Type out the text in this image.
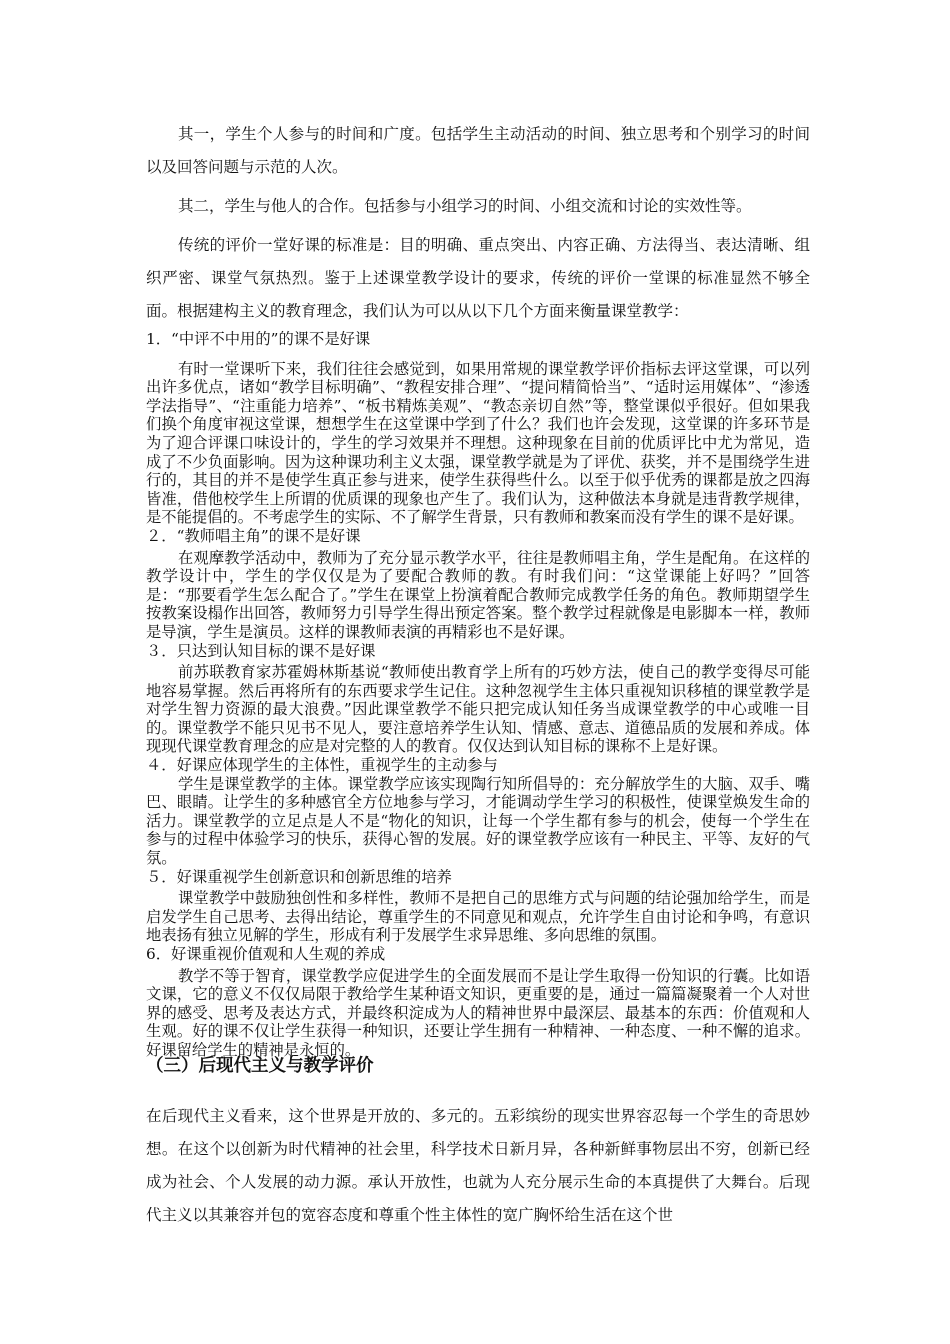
其一，学生个人参与的时间和广度。包括学生主动活动的时间、独立思考和个别学习的时间以及回答问题与示范的人次。

其二，学生与他人的合作。包括参与小组学习的时间、小组交流和讨论的实效性等。

传统的评价一堂好课的标准是：目的明确、重点突出、内容正确、方法得当、表达清晰、组织严密、课堂气氛热烈。鉴于上述课堂教学设计的要求，传统的评价一堂课的标准显然不够全面。根据建构主义的教育理念，我们认为可以从以下几个方面来衡量课堂教学：

1．“中评不中用的”的课不是好课

有时一堂课听下来，我们往往会感觉到，如果用常规的课堂教学评价指标去评这堂课，可以列出许多优点，诸如“教学目标明确”、“教程安排合理”、“提问精简恰当”、“适时运用媒体”、“渗透学法指导”、“注重能力培养”、“板书精炼美观”、“教态亲切自然”等，整堂课似乎很好。但如果我们换个角度审视这堂课，想想学生在这堂课中学到了什么？我们也许会发现，这堂课的许多环节是为了迎合评课口味设计的，学生的学习效果并不理想。这种现象在目前的优质评比中尤为常见，造成了不少负面影响。因为这种课功利主义太强，课堂教学就是为了评优、获奖，并不是围绕学生进行的，其目的并不是使学生真正参与进来，使学生获得些什么。以至于似乎优秀的课都是放之四海皆准，借他校学生上所谓的优质课的现象也产生了。我们认为，这种做法本身就是违背教学规律，是不能提倡的。不考虑学生的实际、不了解学生背景，只有教师和教案而没有学生的课不是好课。

２．“教师唱主角”的课不是好课

在观摩教学活动中，教师为了充分显示教学水平，往往是教师唱主角，学生是配角。在这样的教学设计中，学生的学仅仅是为了要配合教师的教。有时我们问：“这堂课能上好吗？”回答是：“那要看学生怎么配合了。”学生在课堂上扮演着配合教师完成教学任务的角色。教师期望学生按教案设榻作出回答，教师努力引导学生得出预定答案。整个教学过程就像是电影脚本一样，教师是导演，学生是演员。这样的课教师表演的再精彩也不是好课。

３．只达到认知目标的课不是好课

前苏联教育家苏霍姆林斯基说“教师使出教育学上所有的巧妙方法，使自己的教学变得尽可能地容易掌握。然后再将所有的东西要求学生记住。这种忽视学生主体只重视知识移植的课堂教学是对学生智力资源的最大浪费。”因此课堂教学不能只把完成认知任务当成课堂教学的中心或唯一目的。课堂教学不能只见书不见人，要注意培养学生认知、情感、意志、道德品质的发展和养成。体现现代课堂教育理念的应是对完整的人的教育。仅仅达到认知目标的课称不上是好课。

４．好课应体现学生的主体性，重视学生的主动参与

学生是课堂教学的主体。课堂教学应该实现陶行知所倡导的：充分解放学生的大脑、双手、嘴巴、眼睛。让学生的多种感官全方位地参与学习，才能调动学生学习的积极性，使课堂焕发生命的活力。课堂教学的立足点是人不是“物化的知识，让每一个学生都有参与的机会，使每一个学生在参与的过程中体验学习的快乐，获得心智的发展。好的课堂教学应该有一种民主、平等、友好的气氛。

５．好课重视学生创新意识和创新思维的培养

课堂教学中鼓励独创性和多样性，教师不是把自己的思维方式与问题的结论强加给学生，而是启发学生自己思考、去得出结论，尊重学生的不同意见和观点，允许学生自由讨论和争鸣，有意识地表扬有独立见解的学生，形成有利于发展学生求异思维、多向思维的氛围。

6．好课重视价值观和人生观的养成

教学不等于智育，课堂教学应促进学生的全面发展而不是让学生取得一份知识的行囊。比如语文课，它的意义不仅仅局限于教给学生某种语文知识，更重要的是，通过一篇篇凝聚着一个人对世界的感受、思考及表达方式，并最终积淀成为人的精神世界中最深层、最基本的东西：价值观和人生观。好的课不仅让学生获得一种知识，还要让学生拥有一种精神、一种态度、一种不懈的追求。好课留给学生的精神是永恒的。

（三）后现代主义与教学评价

在后现代主义看来，这个世界是开放的、多元的。五彩缤纷的现实世界容忍每一个学生的奇思妙想。在这个以创新为时代精神的社会里，科学技术日新月异，各种新鲜事物层出不穷，创新已经成为社会、个人发展的动力源。承认开放性，也就为人充分展示生命的本真提供了大舞台。后现代主义以其兼容并包的宽容态度和尊重个性主体性的宽广胸怀给生活在这个世
